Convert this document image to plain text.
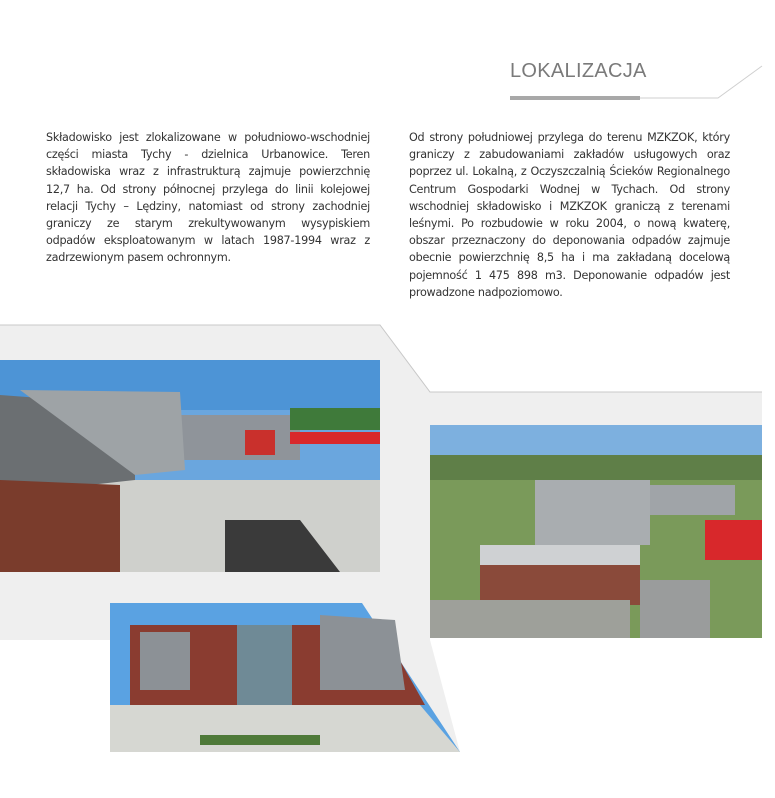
LOKALIZACJA
Składowisko jest zlokalizowane w południowo-wschodniej części miasta Tychy - dzielnica Urbanowice. Teren składowiska wraz z infrastrukturą zajmuje powierzchnię 12,7 ha. Od strony północnej przylega do linii kolejowej relacji Tychy – Lędziny, natomiast od strony zachodniej graniczy ze starym zrekultywowanym wysypiskiem odpadów eksploatowanym w latach 1987-1994 wraz z zadrzewionym pasem ochronnym.
Od strony południowej przylega do terenu MZKZOK, który graniczy z zabudowaniami zakładów usługowych oraz poprzez ul. Lokalną, z Oczyszczalnią Ścieków Regionalnego Centrum Gospodarki Wodnej w Tychach. Od strony wschodniej składowisko i MZKZOK graniczą z terenami leśnymi. Po rozbudowie w roku 2004, o nową kwaterę, obszar przeznaczony do deponowania odpadów zajmuje obecnie powierzchnię 8,5 ha i ma zakładaną docelową pojemność 1 475 898 m3. Deponowanie odpadów jest prowadzone nadpoziomowo.
